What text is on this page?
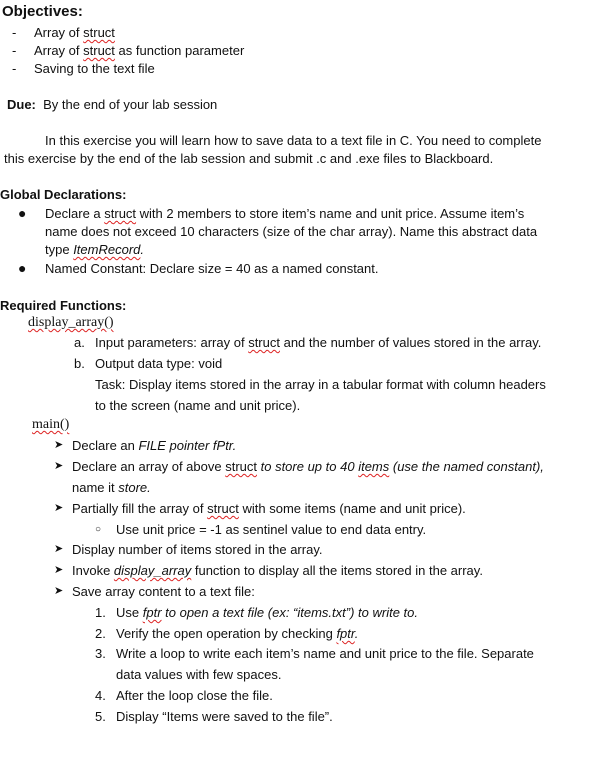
Objectives:
- Array of struct
- Array of struct as function parameter
- Saving to the text file
Due: By the end of your lab session
In this exercise you will learn how to save data to a text file in C. You need to complete
this exercise by the end of the lab session and submit .c and .exe files to Blackboard.
Global Declarations:
● Declare a struct with 2 members to store item’s name and unit price. Assume item’s
name does not exceed 10 characters (size of the char array). Name this abstract data
type ItemRecord.
● Named Constant: Declare size = 40 as a named constant.
Required Functions:
display_array()
a. Input parameters: array of struct and the number of values stored in the array.
b. Output data type: void
Task: Display items stored in the array in a tabular format with column headers
to the screen (name and unit price).
main()
➤ Declare an FILE pointer fPtr.
➤ Declare an array of above struct to store up to 40 items (use the named constant),
name it store.
➤ Partially fill the array of struct with some items (name and unit price).
○ Use unit price = -1 as sentinel value to end data entry.
➤ Display number of items stored in the array.
➤ Invoke display_array function to display all the items stored in the array.
➤ Save array content to a text file:
1. Use fptr to open a text file (ex: “items.txt”) to write to.
2. Verify the open operation by checking fptr.
3. Write a loop to write each item’s name and unit price to the file. Separate
data values with few spaces.
4. After the loop close the file.
5. Display “Items were saved to the file”.
